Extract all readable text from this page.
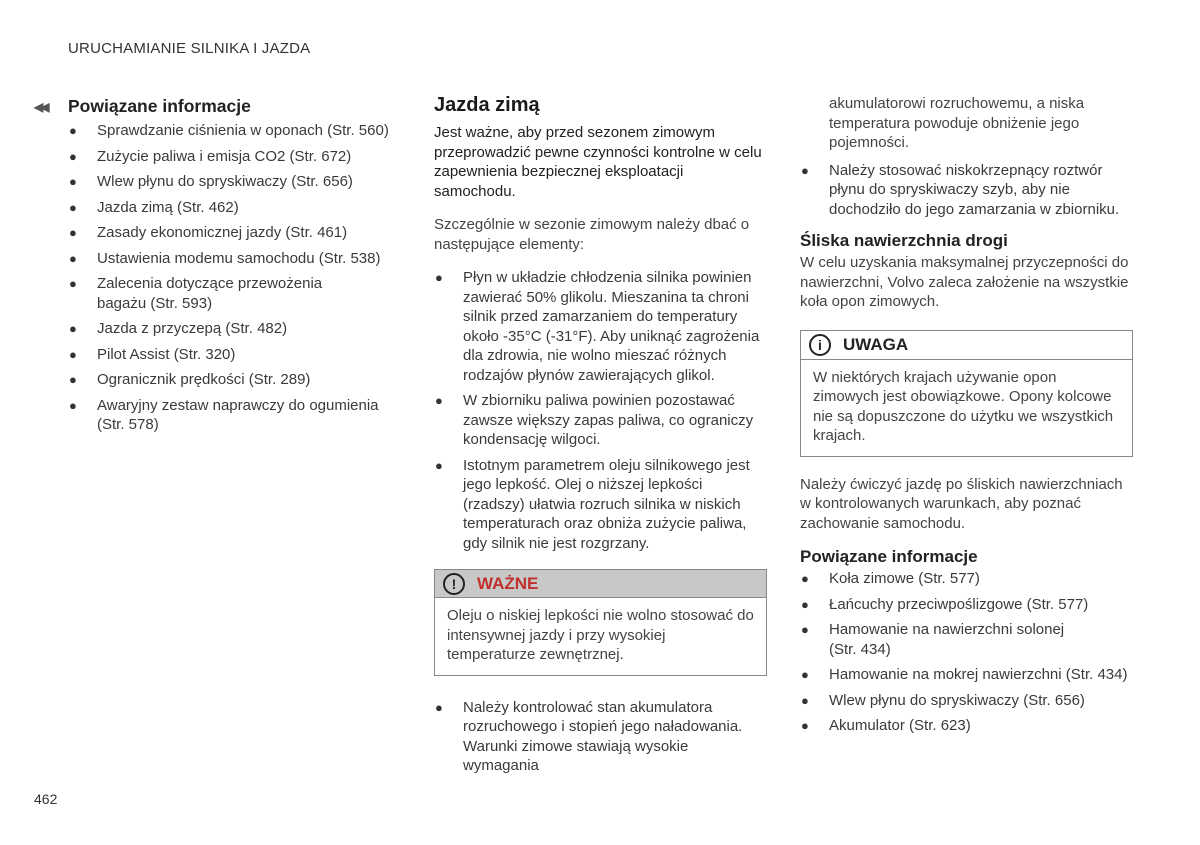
URUCHAMIANIE SILNIKA I JAZDA
◀◀	Powiązane informacje
● Sprawdzanie ciśnienia w oponach (Str. 560)
● Zużycie paliwa i emisja CO2 (Str. 672)
● Wlew płynu do spryskiwaczy (Str. 656)
● Jazda zimą (Str. 462)
● Zasady ekonomicznej jazdy (Str. 461)
● Ustawienia modemu samochodu (Str. 538)
● Zalecenia dotyczące przewożenia bagażu (Str. 593)
● Jazda z przyczepą (Str. 482)
● Pilot Assist (Str. 320)
● Ogranicznik prędkości (Str. 289)
● Awaryjny zestaw naprawczy do ogumienia (Str. 578)
Jazda zimą
Jest ważne, aby przed sezonem zimowym przeprowadzić pewne czynności kontrolne w celu zapewnienia bezpiecznej eksploatacji samochodu.
Szczególnie w sezonie zimowym należy dbać o następujące elementy:
● Płyn w układzie chłodzenia silnika powinien zawierać 50% glikolu. Mieszanina ta chroni silnik przed zamarzaniem do temperatury około -35°C (-31°F). Aby uniknąć zagrożenia dla zdrowia, nie wolno mieszać różnych rodzajów płynów zawierających glikol.
● W zbiorniku paliwa powinien pozostawać zawsze większy zapas paliwa, co ograniczy kondensację wilgoci.
● Istotnym parametrem oleju silnikowego jest jego lepkość. Olej o niższej lepkości (rzadszy) ułatwia rozruch silnika w niskich temperaturach oraz obniża zużycie paliwa, gdy silnik nie jest rozgrzany.
!	WAŻNE
Oleju o niskiej lepkości nie wolno stosować do intensywnej jazdy i przy wysokiej temperaturze zewnętrznej.
● Należy kontrolować stan akumulatora rozruchowego i stopień jego naładowania. Warunki zimowe stawiają wysokie wymagania
akumulatorowi rozruchowemu, a niska temperatura powoduje obniżenie jego pojemności.
● Należy stosować niskokrzepnący roztwór płynu do spryskiwaczy szyb, aby nie dochodziło do jego zamarzania w zbiorniku.
Śliska nawierzchnia drogi
W celu uzyskania maksymalnej przyczepności do nawierzchni, Volvo zaleca założenie na wszystkie koła opon zimowych.
i	UWAGA
W niektórych krajach używanie opon zimowych jest obowiązkowe. Opony kolcowe nie są dopuszczone do użytku we wszystkich krajach.
Należy ćwiczyć jazdę po śliskich nawierzchniach w kontrolowanych warunkach, aby poznać zachowanie samochodu.
Powiązane informacje
● Koła zimowe (Str. 577)
● Łańcuchy przeciwpoślizgowe (Str. 577)
● Hamowanie na nawierzchni solonej (Str. 434)
● Hamowanie na mokrej nawierzchni (Str. 434)
● Wlew płynu do spryskiwaczy (Str. 656)
● Akumulator (Str. 623)
462
